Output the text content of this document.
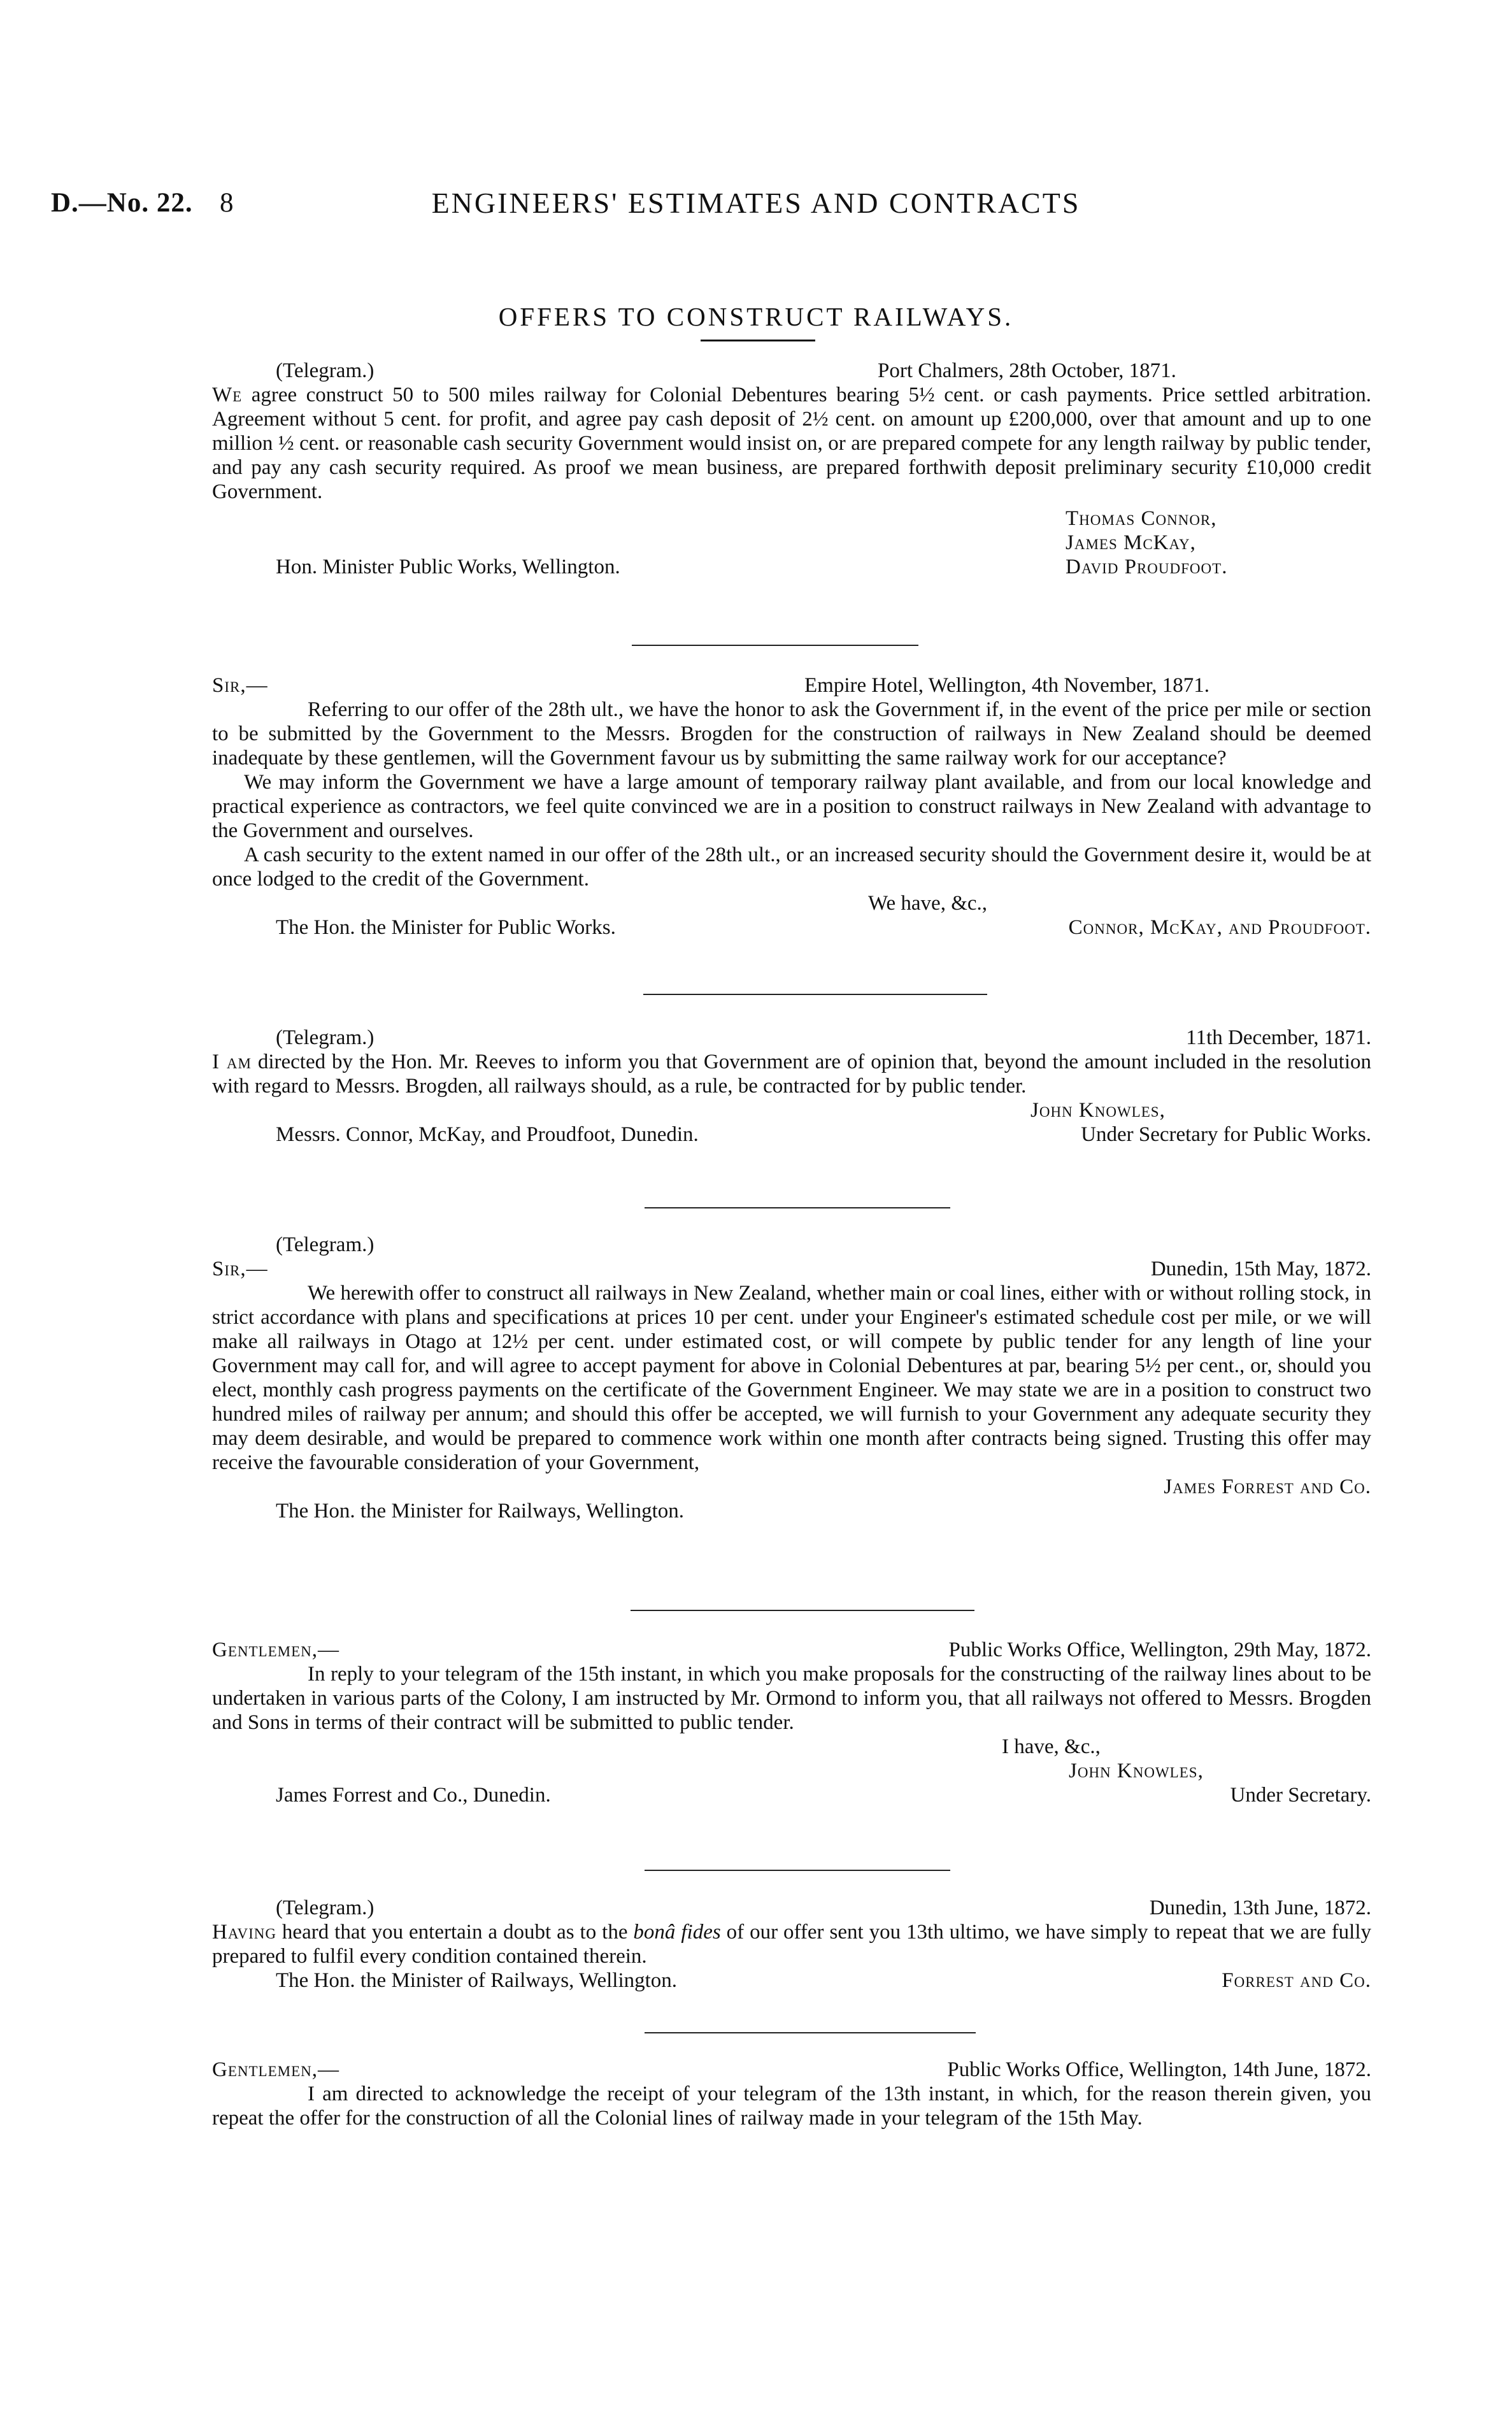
D.—No. 22. 8	ENGINEERS' ESTIMATES AND CONTRACTS
OFFERS TO CONSTRUCT RAILWAYS.
(Telegram.)	Port Chalmers, 28th October, 1871.

We agree construct 50 to 500 miles railway for Colonial Debentures bearing 5½ cent. or cash payments. Price settled arbitration. Agreement without 5 cent. for profit, and agree pay cash deposit of 2½ cent. on amount up £200,000, over that amount and up to one million ½ cent. or reasonable cash security Government would insist on, or are prepared compete for any length railway by public tender, and pay any cash security required. As proof we mean business, are prepared forthwith deposit preliminary security £10,000 credit Government.

Thomas Connor,
James McKay,
Hon. Minister Public Works, Wellington.	David Proudfoot.
Sir,—	Empire Hotel, Wellington, 4th November, 1871.

Referring to our offer of the 28th ult., we have the honor to ask the Government if, in the event of the price per mile or section to be submitted by the Government to the Messrs. Brogden for the construction of railways in New Zealand should be deemed inadequate by these gentlemen, will the Government favour us by submitting the same railway work for our acceptance?

We may inform the Government we have a large amount of temporary railway plant available, and from our local knowledge and practical experience as contractors, we feel quite convinced we are in a position to construct railways in New Zealand with advantage to the Government and ourselves.

A cash security to the extent named in our offer of the 28th ult., or an increased security should the Government desire it, would be at once lodged to the credit of the Government.

We have, &c.,
The Hon. the Minister for Public Works.	Connor, McKay, and Proudfoot.
(Telegram.)	11th December, 1871.

I am directed by the Hon. Mr. Reeves to inform you that Government are of opinion that, beyond the amount included in the resolution with regard to Messrs. Brogden, all railways should, as a rule, be contracted for by public tender.

John Knowles,
Messrs. Connor, McKay, and Proudfoot, Dunedin.	Under Secretary for Public Works.
(Telegram.)
Sir,—	Dunedin, 15th May, 1872.

We herewith offer to construct all railways in New Zealand, whether main or coal lines, either with or without rolling stock, in strict accordance with plans and specifications at prices 10 per cent. under your Engineer's estimated schedule cost per mile, or we will make all railways in Otago at 12½ per cent. under estimated cost, or will compete by public tender for any length of line your Government may call for, and will agree to accept payment for above in Colonial Debentures at par, bearing 5½ per cent., or, should you elect, monthly cash progress payments on the certificate of the Government Engineer. We may state we are in a position to construct two hundred miles of railway per annum; and should this offer be accepted, we will furnish to your Government any adequate security they may deem desirable, and would be prepared to commence work within one month after contracts being signed. Trusting this offer may receive the favourable consideration of your Government,

James Forrest and Co.
The Hon. the Minister for Railways, Wellington.
Gentlemen,—	Public Works Office, Wellington, 29th May, 1872.

In reply to your telegram of the 15th instant, in which you make proposals for the constructing of the railway lines about to be undertaken in various parts of the Colony, I am instructed by Mr. Ormond to inform you, that all railways not offered to Messrs. Brogden and Sons in terms of their contract will be submitted to public tender.

I have, &c.,
John Knowles,
James Forrest and Co., Dunedin.	Under Secretary.
(Telegram.)	Dunedin, 13th June, 1872.

Having heard that you entertain a doubt as to the bonâ fides of our offer sent you 13th ultimo, we have simply to repeat that we are fully prepared to fulfil every condition contained therein.

The Hon. the Minister of Railways, Wellington.	Forrest and Co.
Gentlemen,—	Public Works Office, Wellington, 14th June, 1872.

I am directed to acknowledge the receipt of your telegram of the 13th instant, in which, for the reason therein given, you repeat the offer for the construction of all the Colonial lines of railway made in your telegram of the 15th May.
